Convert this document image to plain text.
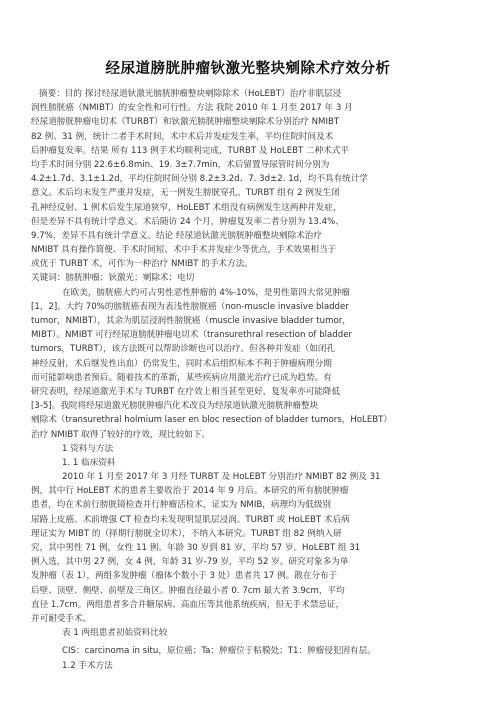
经尿道膀胱肿瘤钬激光整块剜除术疗效分析
摘要：目的 探讨经尿道钬激光膀胱肿瘤整块剜除除术（HoLEBT）治疗非肌层浸
润性膀胱癌（NMIBT）的安全性和可行性。方法 我院 2010 年 1 月至 2017 年 3 月
经尿道膀胱肿瘤电切术（TURBT）和钬激光膀胱肿瘤整块剜除术分别治疗 NMIBT
82 例、31 例，统计二者手术时间，术中术后并发症发生率，平均住院时间及术
后肿瘤复发率。结果 所有 113 例手术均顺利完成，TURBT 及 HoLEBT 二种术式平
均手术时间分别 22.6±6.8min、19. 3±7.7min，术后留置导尿管时间分别为
4.2±1.7d、3.1±1.2d，平均住院时间分别 8.2±3.2d、7. 3d±2. 1d，均不具有统计学
意义。术后均未发生严重并发症，无一例发生膀胱穿孔。TURBT 组有 2 例发生闭
孔神经反射、1 例术后发生尿道狭窄，HoLEBT 术组没有病例发生这两种并发症，
但是差异不具有统计学意义。术后随访 24 个月，肿瘤复发率二者分别为 13.4%、
9.7%，差异不具有统计学意义。结论 经尿道钬激光膀胱肿瘤整块剜除术治疗
NMIBT 具有操作简便、手术时间短、术中手术并发症少等优点，手术效果相当于
或优于 TURBT 术，可作为一种治疗 NMIBT 的手术方法。
关键词：膀胱肿瘤；钬激光；剜除术；电切
在欧美，膀胱癌大约可占男性恶性肿瘤的 4%-10%，是男性第四大常见肿瘤
[1，2]。大约 70%的膀胱癌表现为表浅性膀胱癌（non-muscle invasive bladder
tumor，NMIBT），其余为肌层浸润性膀胱癌（muscle invasive bladder tumor，
MIBT）。NMIBT 可行经尿道膀胱肿瘤电切术（transurethral resection of bladder
tumors，TURBT），该方法既可以帮助诊断也可以治疗。但各种并发症（如闭孔
神经反射，术后继发性出血）仍常发生，同时术后组织标本不利于肿瘤病理分期
而可能影响患者预后。随着技术的革新，某些疾病应用激光治疗已成为趋势。有
研究表明，经尿道激光手术与 TURBT 在疗效上相当甚至更好，复发率亦可能降低
[3-5]。我院将经尿道激光膀胱肿瘤汽化术改良为经尿道钬激光膀胱肿瘤整块
剜除术（transurethral holmium laser en bloc resection of bladder tumors，HoLEBT）
治疗 NMIBT 取得了较好的疗效，现比较如下。
1 资料与方法
1. 1 临床资料
2010 年 1 月至 2017 年 3 月经 TURBT 及 HoLEBT 分别治疗 NMIBT 82 例及 31
例，其中行 HoLEBT 术的患者主要收治于 2014 年 9 月后。本研究的所有膀胱肿瘤
患者，均在术前行膀胱镜检查并行肿瘤活检术，证实为 NMIB，病理均为低级别
尿路上皮癌。术前增强 CT 检查均未发现明显肌层浸润。TURBT 或 HoLEBT 术后病
理证实为 MIBT 的（择期行膀胱全切术），不纳入本研究。TURBT 组 82 例纳入研
究，其中男性 71 例，女性 11 例。年龄 30 岁到 81 岁，平均 57 岁。HoLEBT 组 31
例入选，其中男 27 例，女 4 例，年龄 31 岁-79 岁，平均 52 岁。研究对象多为单
发肿瘤（表 1），两组多发肿瘤（瘤体个数小于 3 处）患者共 17 例。散在分布于
后壁、顶壁、侧壁、前壁及三角区。肿瘤直径最小者 0. 7cm 最大者 3.9cm，平均
直径 1.7cm。两组患者多合并糖尿病、高血压等其他系统疾病，但无手术禁忌证，
并可耐受手术。
表 1 两组患者初始资料比较
CIS：carcinoma in situ，原位癌；Ta：肿瘤位于粘膜处；T1：肿瘤侵犯固有层。
1.2 手术方法
